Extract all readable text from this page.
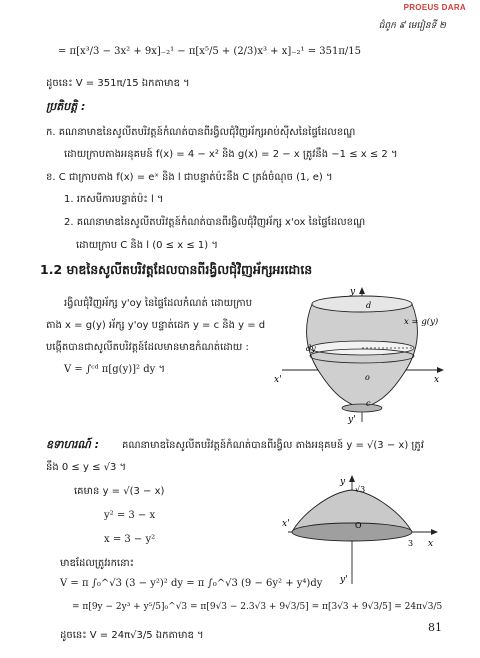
PROEUS DARA
ជំពូក ៩ មេរៀនទី ២
= π[x³/3 − 3x² + 9x]₋₂¹ − π[x⁵/5 + (2/3)x³ + x]₋₂¹ = 351π/15
ដូចនេះ V = 351π/15 ឯកតាមាឌ ។
ប្រតិបត្តិ :
ក. គណនាមាឌនៃសូលីតបរិវត្តន៍កំណត់បានពីរង្វិលជុំវិញអ័ក្សអាប់ស៊ីសនៃផ្ទៃដែលខណ្ឌ
ដោយក្រាបតាងអនុគមន៍ f(x) = 4 − x² និង g(x) = 2 − x ត្រូវនឹង −1 ≤ x ≤ 2 ។
ខ. C ជាក្រាបតាង f(x) = eˣ និង l ជាបន្ទាត់ប៉ះនឹង C ត្រង់ចំណុច (1, e) ។
1. រកសមីការបន្ទាត់ប៉ះ l ។
2. គណនាមាឌនៃសូលីតបរិវត្តន៍កំណត់បានពីរង្វិលជុំវិញអ័ក្ស x'ox នៃផ្ទៃដែលខណ្ឌ
ដោយក្រាប C និង l (0 ≤ x ≤ 1) ។
1.2 មាឌនៃសូលីតបរិវត្តដែលបានពីរង្វិលជុំវិញអ័ក្សអរដោនេ
រង្វិលជុំវិញអ័ក្ស y'oy នៃផ្ទៃដែលកំណត់ ដោយក្រាប
តាង x = g(y) អ័ក្ស y'oy បន្ទាត់ដេក y = c និង y = d
បង្កើតបានជាសូលីតបរិវត្តន៍ដែលមានមាឌកំណត់ដោយ :
V = ∫ᶜᵈ π[g(y)]² dy ។
y
d
c
o	x
x'
y'
dy
x = g(y)
ឧទាហរណ៍ : គណនាមាឌនៃសូលីតបរិវត្តន៍កំណត់បានពីរង្វិល តាងអនុគមន៍ y = √(3 − x) ត្រូវ
នឹង 0 ≤ y ≤ √3 ។
គេមាន y = √(3 − x)
y² = 3 − x
x = 3 − y²
មាឌដែលត្រូវរកនោះ
V = π ∫₀^√3 (3 − y²)² dy = π ∫₀^√3 (9 − 6y² + y⁴)dy
= π[9y − 2y³ + y⁵/5]₀^√3 = π[9√3 − 2.3√3 + 9√3/5] = π[3√3 + 9√3/5] = 24π√3/5
ដូចនេះ V = 24π√3/5 ឯកតាមាឌ ។
y
√3
O
3 x
x'
y'
81
